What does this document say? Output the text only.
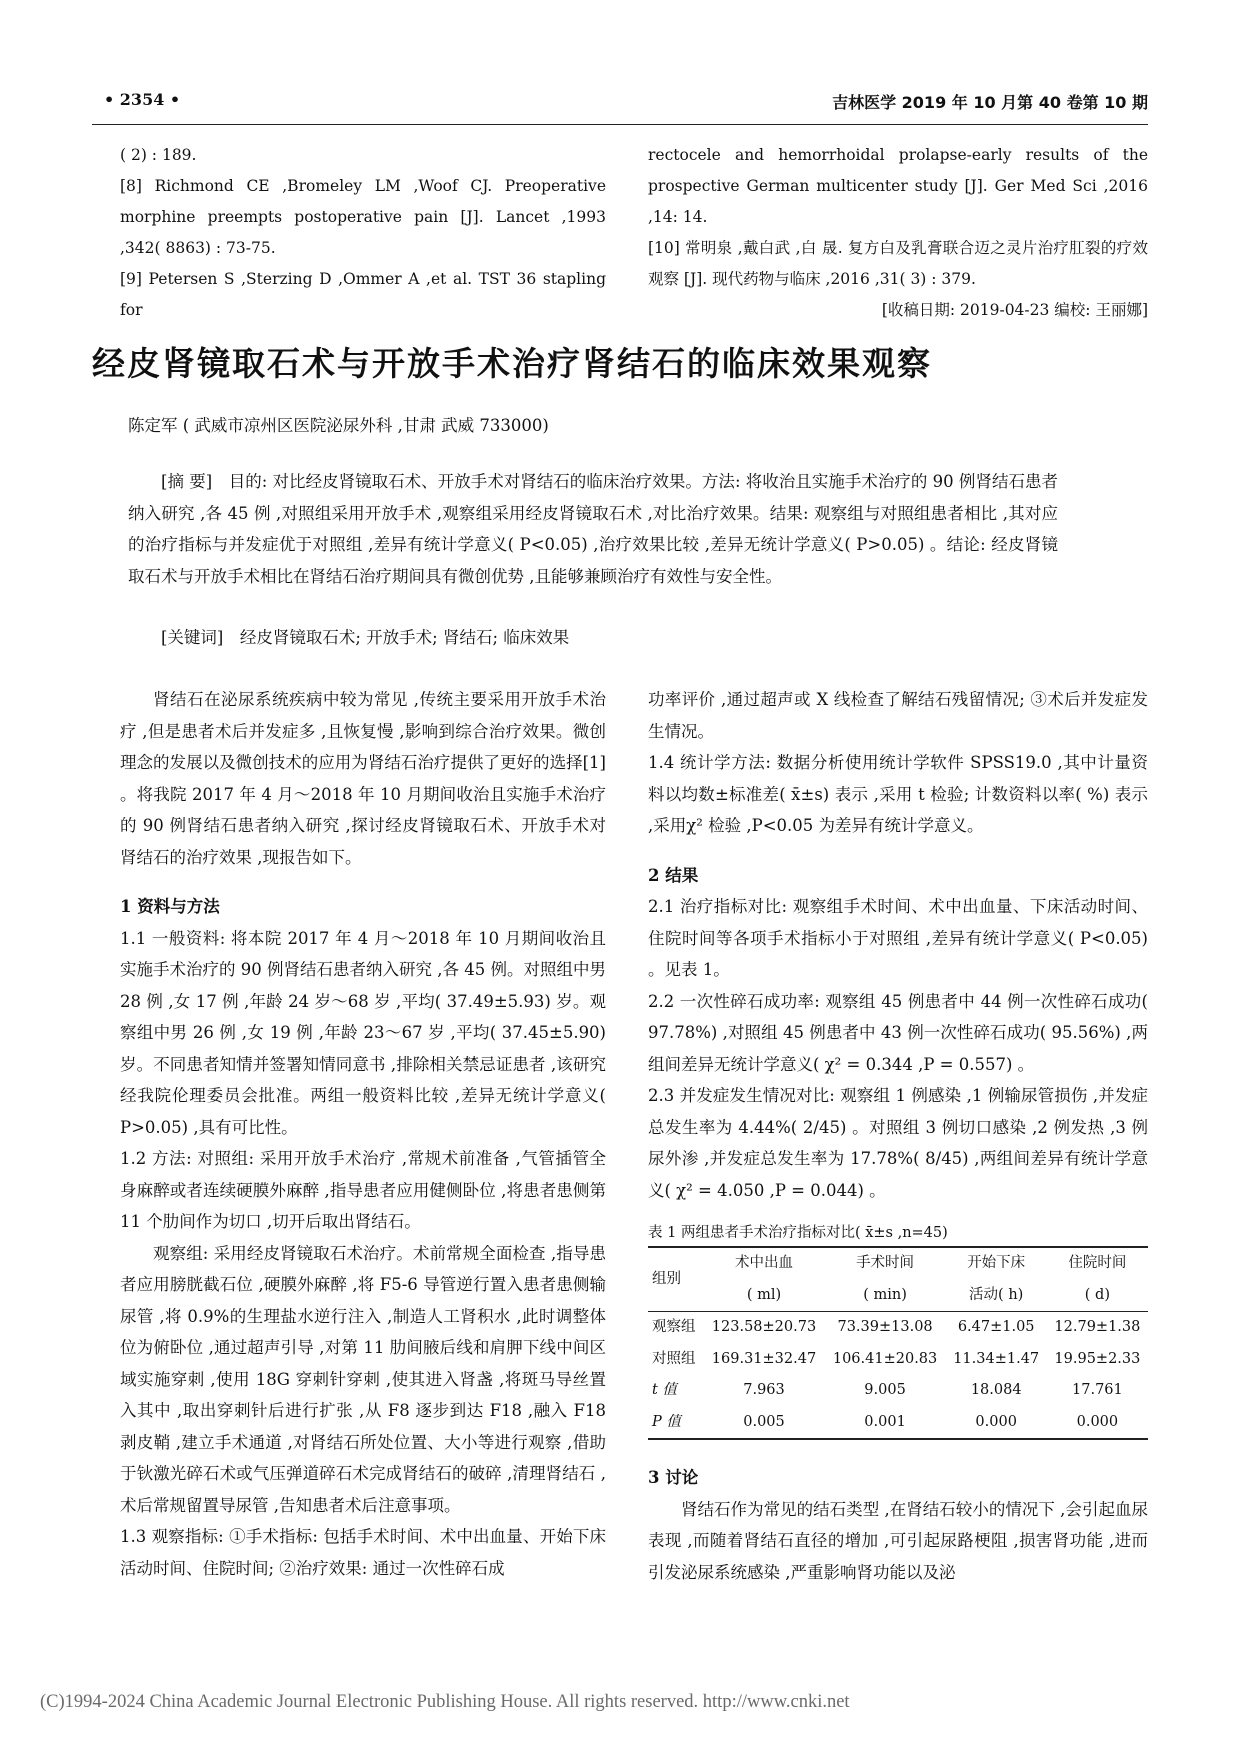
• 2354 •	吉林医学 2019 年 10 月第 40 卷第 10 期

( 2) : 189.

[8] Richmond CE ,Bromeley LM ,Woof CJ. Preoperative morphine preempts postoperative pain [J]. Lancet ,1993 ,342( 8863) : 73-75.

[9] Petersen S ,Sterzing D ,Ommer A ,et al. TST 36 stapling for

rectocele and hemorrhoidal prolapse-early results of the prospective German multicenter study [J]. Ger Med Sci ,2016 ,14: 14.

[10] 常明泉 ,戴白武 ,白 晟. 复方白及乳膏联合迈之灵片治疗肛裂的疗效观察 [J]. 现代药物与临床 ,2016 ,31( 3) : 379.

[收稿日期: 2019-04-23 编校: 王丽娜]

经皮肾镜取石术与开放手术治疗肾结石的临床效果观察
陈定军 ( 武威市凉州区医院泌尿外科 ,甘肃 武威 733000)
[摘 要] 目的: 对比经皮肾镜取石术、开放手术对肾结石的临床治疗效果。方法: 将收治且实施手术治疗的 90 例肾结石患者纳入研究 ,各 45 例 ,对照组采用开放手术 ,观察组采用经皮肾镜取石术 ,对比治疗效果。结果: 观察组与对照组患者相比 ,其对应的治疗指标与并发症优于对照组 ,差异有统计学意义( P<0.05) ,治疗效果比较 ,差异无统计学意义( P>0.05) 。结论: 经皮肾镜取石术与开放手术相比在肾结石治疗期间具有微创优势 ,且能够兼顾治疗有效性与安全性。
[关键词] 经皮肾镜取石术; 开放手术; 肾结石; 临床效果

肾结石在泌尿系统疾病中较为常见 ,传统主要采用开放手术治疗 ,但是患者术后并发症多 ,且恢复慢 ,影响到综合治疗效果。微创理念的发展以及微创技术的应用为肾结石治疗提供了更好的选择[1] 。将我院 2017 年 4 月～2018 年 10 月期间收治且实施手术治疗的 90 例肾结石患者纳入研究 ,探讨经皮肾镜取石术、开放手术对肾结石的治疗效果 ,现报告如下。

1 资料与方法

1.1 一般资料: 将本院 2017 年 4 月～2018 年 10 月期间收治且实施手术治疗的 90 例肾结石患者纳入研究 ,各 45 例。对照组中男 28 例 ,女 17 例 ,年龄 24 岁～68 岁 ,平均( 37.49±5.93) 岁。观察组中男 26 例 ,女 19 例 ,年龄 23～67 岁 ,平均( 37.45±5.90) 岁。不同患者知情并签署知情同意书 ,排除相关禁忌证患者 ,该研究经我院伦理委员会批准。两组一般资料比较 ,差异无统计学意义( P>0.05) ,具有可比性。

1.2 方法: 对照组: 采用开放手术治疗 ,常规术前准备 ,气管插管全身麻醉或者连续硬膜外麻醉 ,指导患者应用健侧卧位 ,将患者患侧第 11 个肋间作为切口 ,切开后取出肾结石。

观察组: 采用经皮肾镜取石术治疗。术前常规全面检查 ,指导患者应用膀胱截石位 ,硬膜外麻醉 ,将 F5-6 导管逆行置入患者患侧输尿管 ,将 0.9%的生理盐水逆行注入 ,制造人工肾积水 ,此时调整体位为俯卧位 ,通过超声引导 ,对第 11 肋间腋后线和肩胛下线中间区域实施穿刺 ,使用 18G 穿刺针穿刺 ,使其进入肾盏 ,将斑马导丝置入其中 ,取出穿刺针后进行扩张 ,从 F8 逐步到达 F18 ,融入 F18 剥皮鞘 ,建立手术通道 ,对肾结石所处位置、大小等进行观察 ,借助于钬激光碎石术或气压弹道碎石术完成肾结石的破碎 ,清理肾结石 ,术后常规留置导尿管 ,告知患者术后注意事项。

1.3 观察指标: ①手术指标: 包括手术时间、术中出血量、开始下床活动时间、住院时间; ②治疗效果: 通过一次性碎石成

功率评价 ,通过超声或 X 线检查了解结石残留情况; ③术后并发症发生情况。

1.4 统计学方法: 数据分析使用统计学软件 SPSS19.0 ,其中计量资料以均数±标准差( x̄±s) 表示 ,采用 t 检验; 计数资料以率( %) 表示 ,采用χ² 检验 ,P<0.05 为差异有统计学意义。

2 结果

2.1 治疗指标对比: 观察组手术时间、术中出血量、下床活动时间、住院时间等各项手术指标小于对照组 ,差异有统计学意义( P<0.05) 。见表 1。

2.2 一次性碎石成功率: 观察组 45 例患者中 44 例一次性碎石成功( 97.78%) ,对照组 45 例患者中 43 例一次性碎石成功( 95.56%) ,两组间差异无统计学意义( χ² = 0.344 ,P = 0.557) 。

2.3 并发症发生情况对比: 观察组 1 例感染 ,1 例输尿管损伤 ,并发症总发生率为 4.44%( 2/45) 。对照组 3 例切口感染 ,2 例发热 ,3 例尿外渗 ,并发症总发生率为 17.78%( 8/45) ,两组间差异有统计学意义( χ² = 4.050 ,P = 0.044) 。

表 1 两组患者手术治疗指标对比( x̄±s ,n=45)
组别	术中出血	手术时间	开始下床	住院时间
	( ml)	( min)	活动( h)	( d)
观察组	123.58±20.73	73.39±13.08	6.47±1.05	12.79±1.38
对照组	169.31±32.47	106.41±20.83	11.34±1.47	19.95±2.33
t 值	7.963	9.005	18.084	17.761
P 值	0.005	0.001	0.000	0.000

3 讨论

肾结石作为常见的结石类型 ,在肾结石较小的情况下 ,会引起血尿表现 ,而随着肾结石直径的增加 ,可引起尿路梗阻 ,损害肾功能 ,进而引发泌尿系统感染 ,严重影响肾功能以及泌

(C)1994-2024 China Academic Journal Electronic Publishing House. All rights reserved. http://www.cnki.net
